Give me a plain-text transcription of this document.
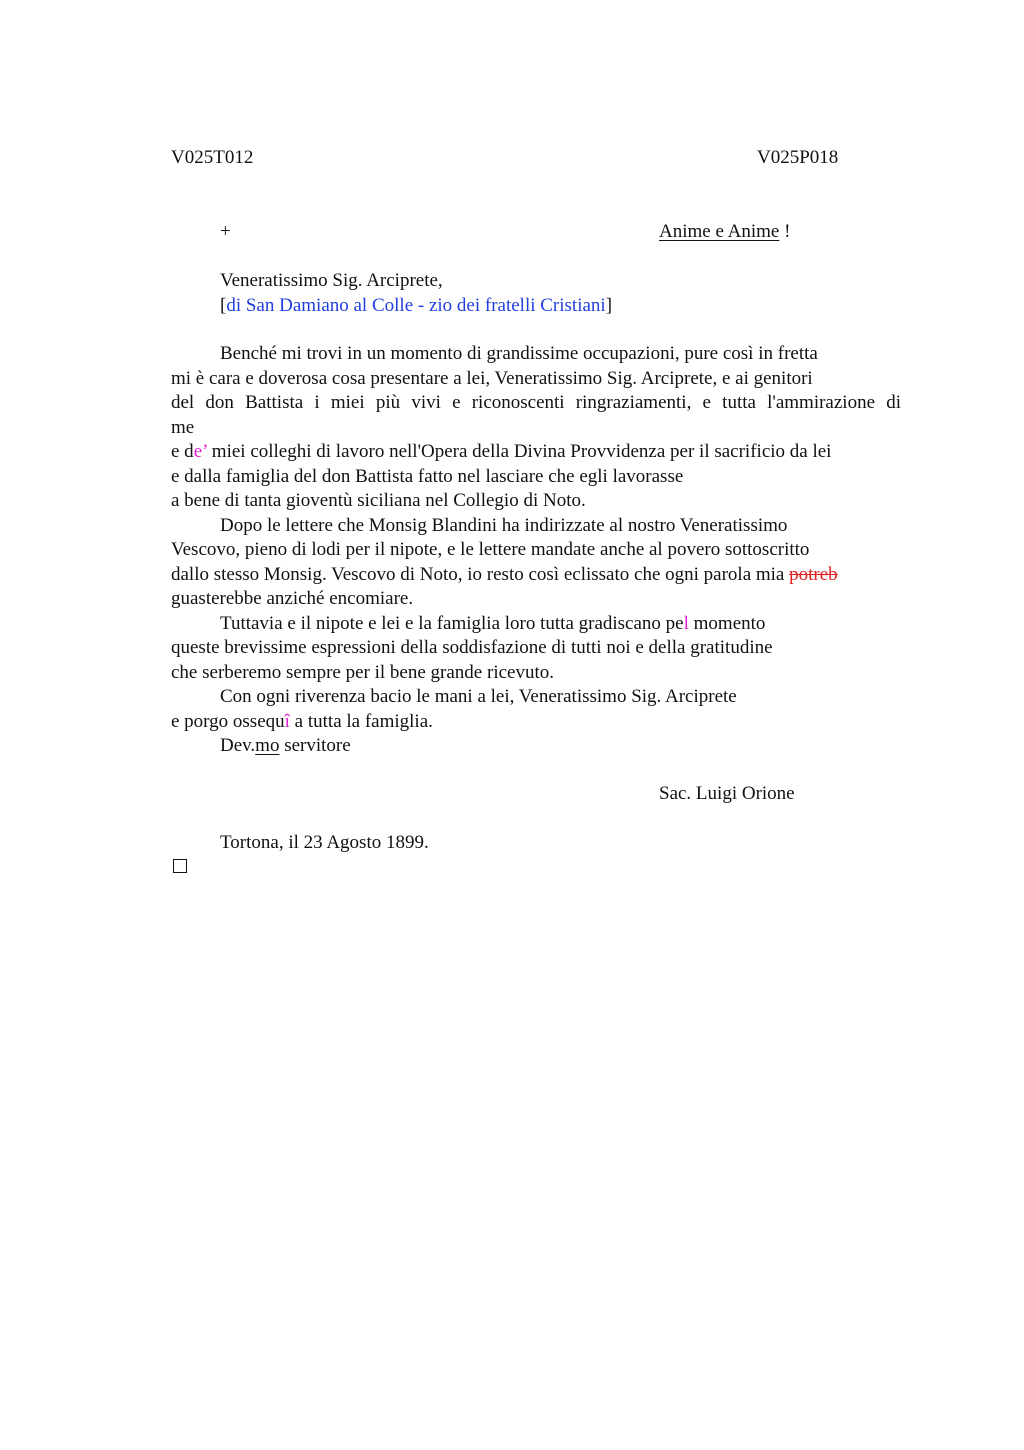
V025T012	V025P018
+	Anime e Anime !
Veneratissimo Sig. Arciprete,
[di San Damiano al Colle - zio dei fratelli Cristiani]
Benché mi trovi in un momento di grandissime occupazioni, pure così in fretta
mi è cara e doverosa cosa presentare a lei, Veneratissimo Sig. Arciprete, e ai genitori
del don Battista i miei più vivi e riconoscenti ringraziamenti, e tutta l'ammirazione di
me
e de’ miei colleghi di lavoro nell'Opera della Divina Provvidenza per il sacrificio da lei
e dalla famiglia del don Battista fatto nel lasciare che egli lavorasse
a bene di tanta gioventù siciliana nel Collegio di Noto.
Dopo le lettere che Monsig Blandini ha indirizzate al nostro Veneratissimo
Vescovo, pieno di lodi per il nipote, e le lettere mandate anche al povero sottoscritto
dallo stesso Monsig. Vescovo di Noto, io resto così eclissato che ogni parola mia potreb
guasterebbe anziché encomiare.
Tuttavia e il nipote e lei e la famiglia loro tutta gradiscano pel momento
queste brevissime espressioni della soddisfazione di tutti noi e della gratitudine
che serberemo sempre per il bene grande ricevuto.
Con ogni riverenza bacio le mani a lei, Veneratissimo Sig. Arciprete
e porgo ossequî a tutta la famiglia.
Dev.mo servitore
Sac. Luigi Orione
Tortona, il 23 Agosto 1899.
